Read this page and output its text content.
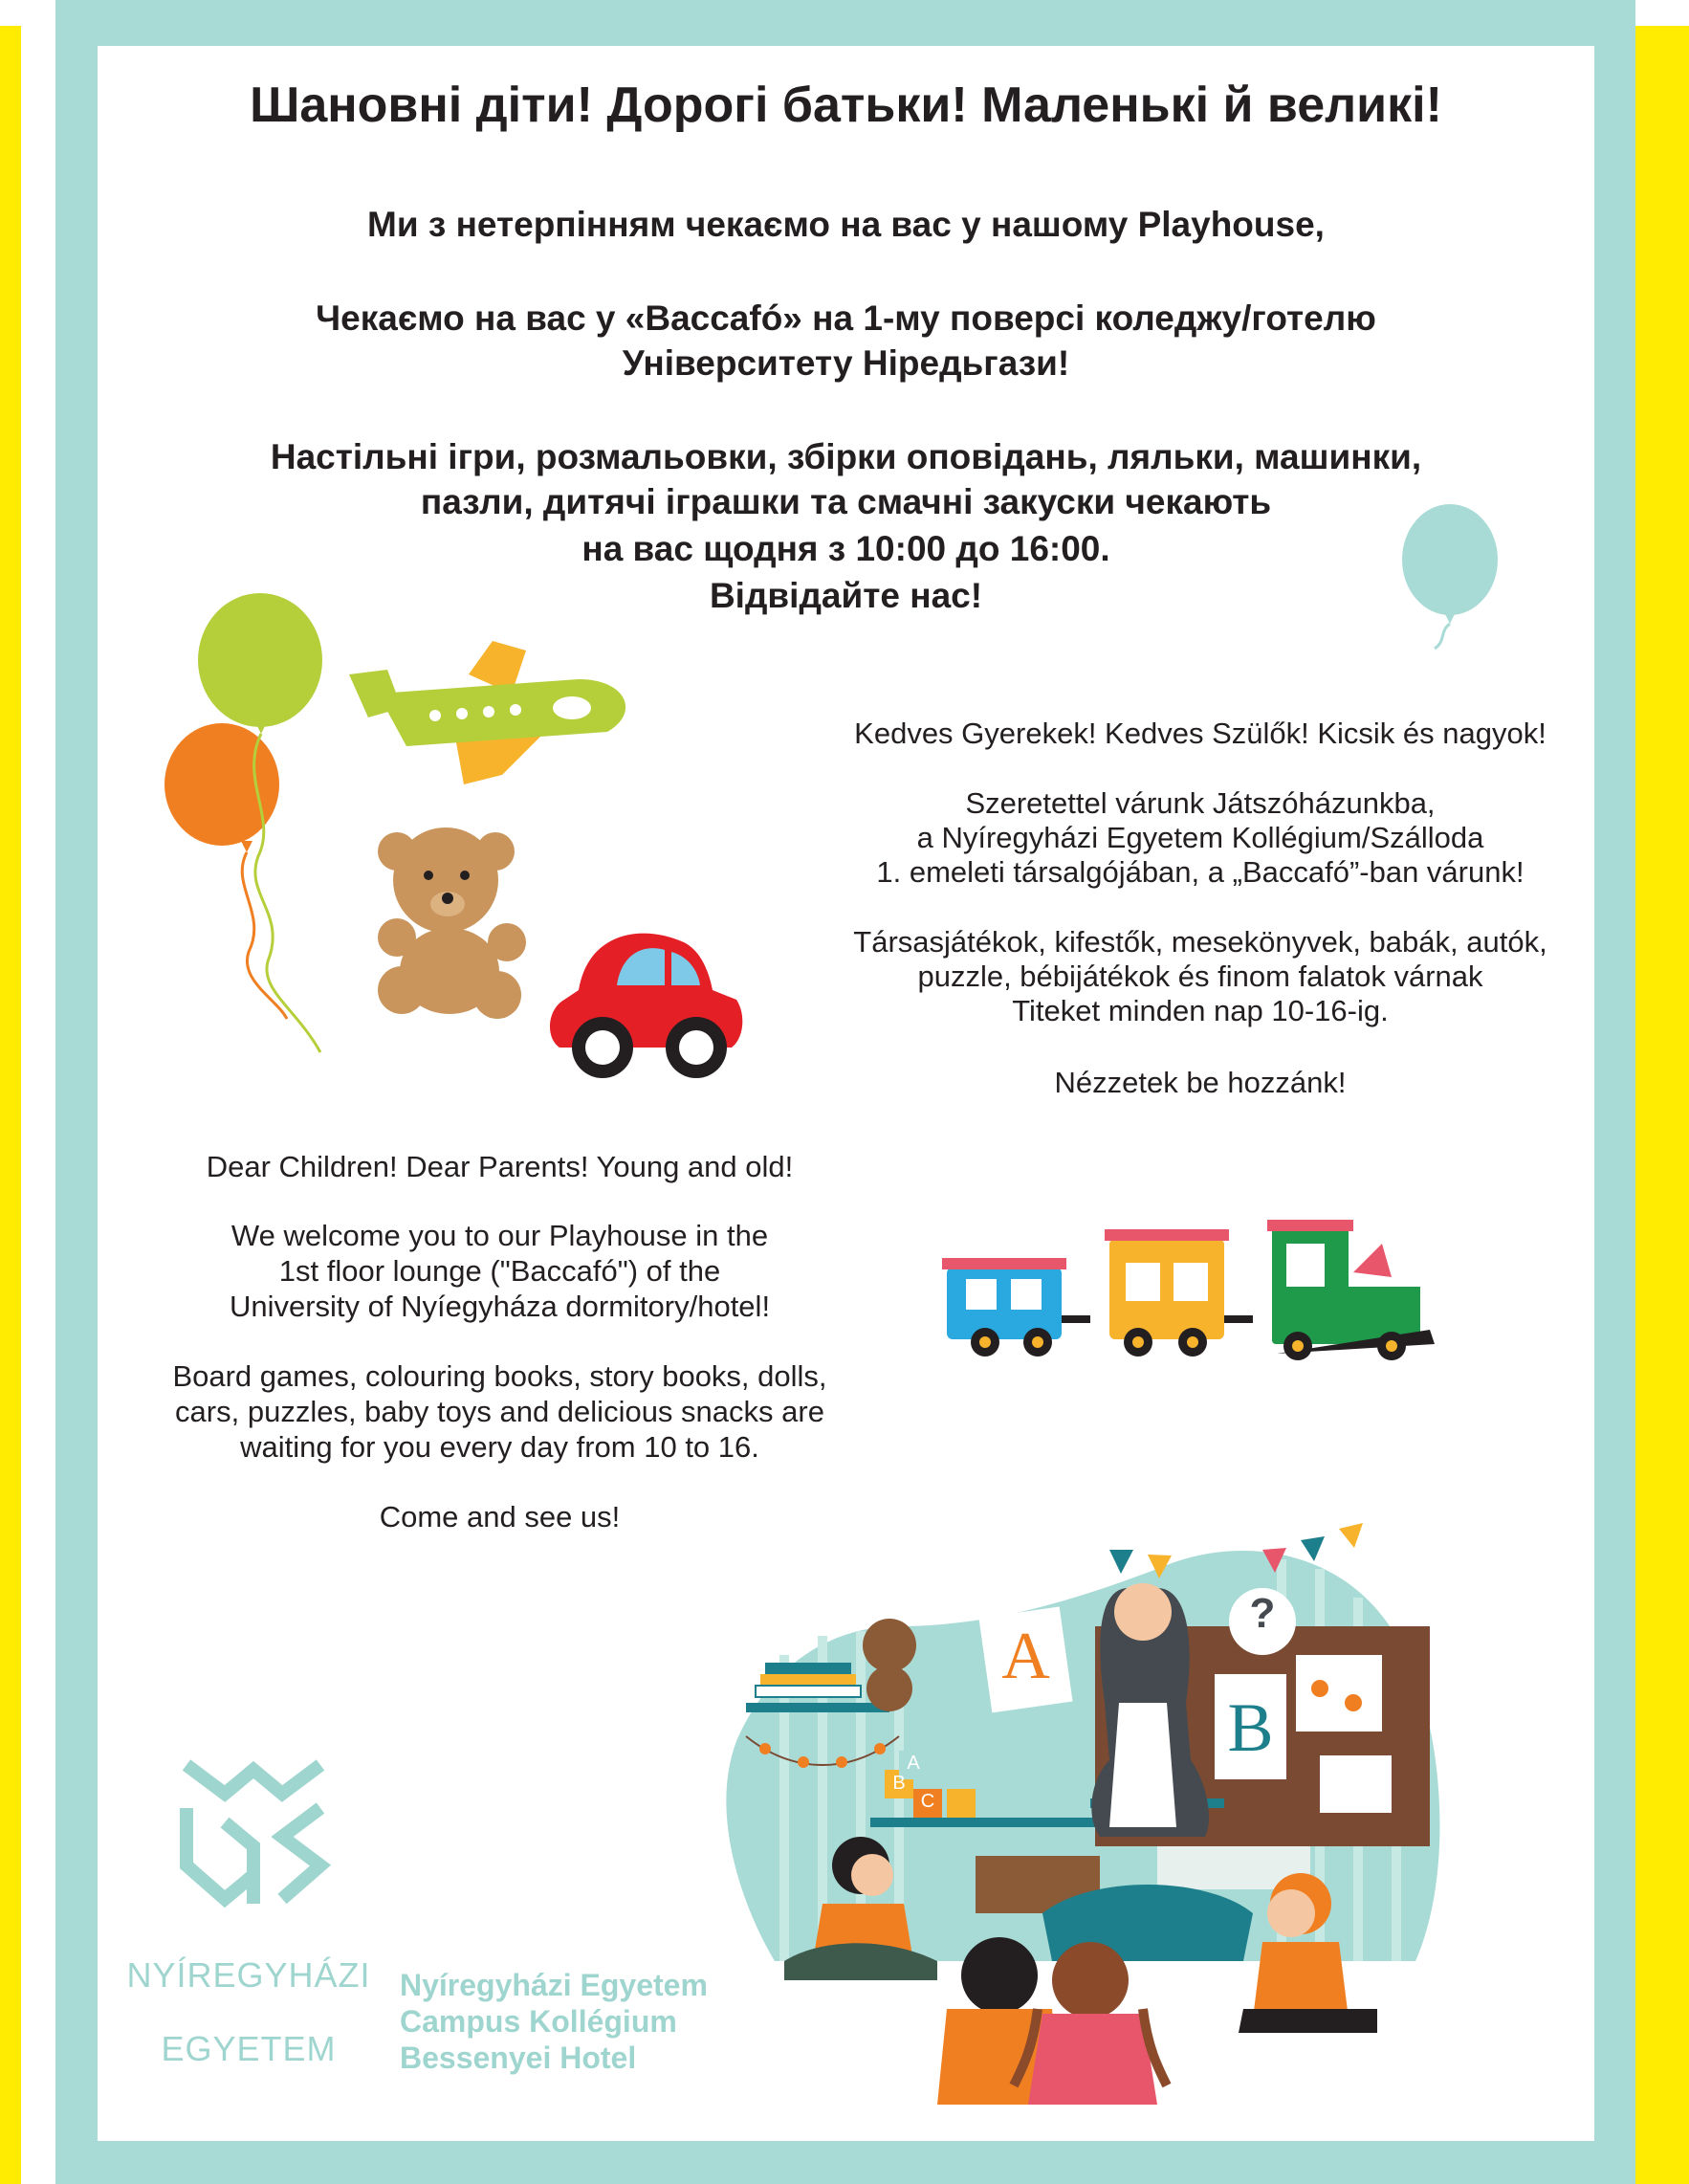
Шановні діти! Дорогі батьки! Маленькі й великі!
Ми з нетерпінням чекаємо на вас у нашому Playhouse,
Чекаємо на вас у «Baccafó» на 1-му поверсі коледжу/готелю
Університету Ніредьгази!
Настільні ігри, розмальовки, збірки оповідань, ляльки, машинки,
пазли, дитячі іграшки та смачні закуски чекають
на вас щодня з 10:00 до 16:00.
Відвідайте нас!
Kedves Gyerekek! Kedves Szülők! Kicsik és nagyok!
Szeretettel várunk Játszóházunkba,
a Nyíregyházi Egyetem Kollégium/Szálloda
1. emeleti társalgójában, a „Baccafó”-ban várunk!
Társasjátékok, kifestők, mesekönyvek, babák, autók,
puzzle, bébijátékok és finom falatok várnak
Titeket minden nap 10-16-ig.
Nézzetek be hozzánk!
Dear Children! Dear Parents! Young and old!
We welcome you to our Playhouse in the
1st floor lounge ("Baccafó") of the
University of Nyíegyháza dormitory/hotel!
Board games, colouring books, story books, dolls,
cars, puzzles, baby toys and delicious snacks are
waiting for you every day from 10 to 16.
Come and see us!
NYÍREGYHÁZI
EGYETEM
Nyíregyházi Egyetem
Campus Kollégium
Bessenyei Hotel
A
B
?
A
B
C
